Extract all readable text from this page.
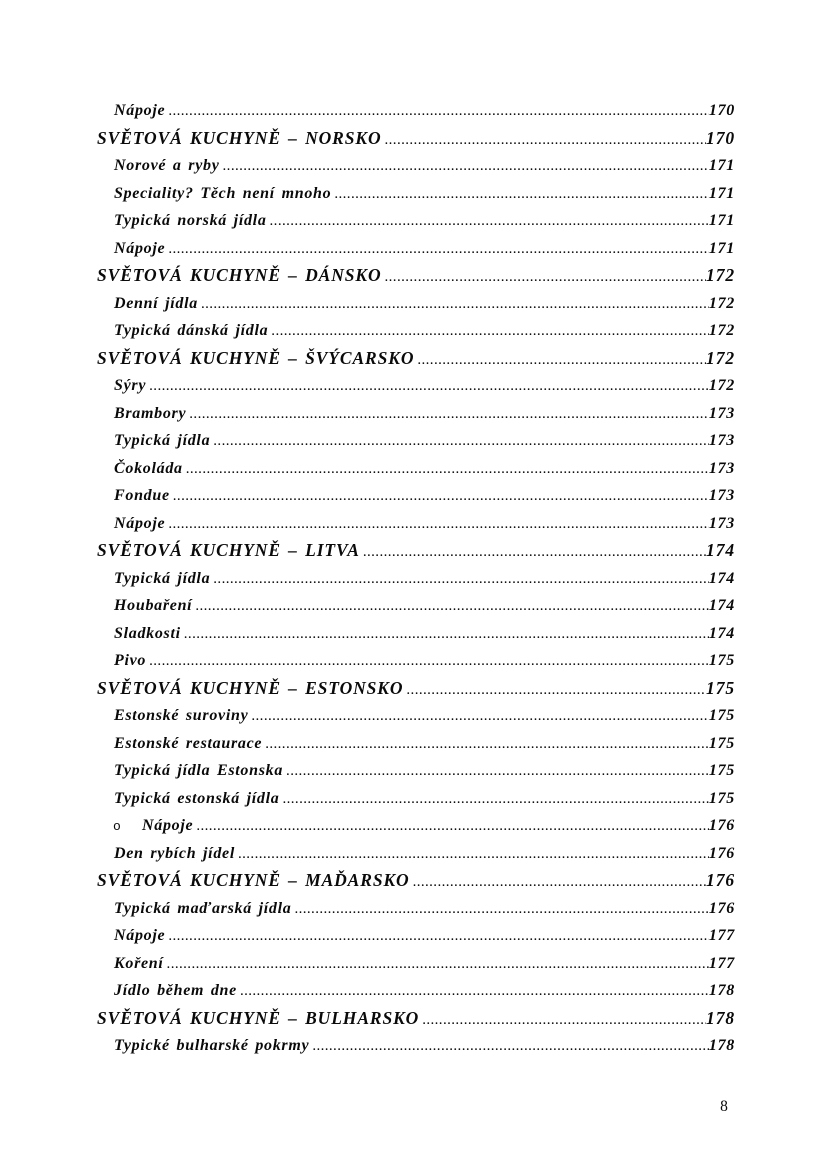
Nápoje .....	170
SVĚTOVÁ KUCHYNĚ – NORSKO .....	170
Norové a ryby .....	171
Speciality? Těch není mnoho .....	171
Typická norská jídla .....	171
Nápoje .....	171
SVĚTOVÁ KUCHYNĚ – DÁNSKO .....	172
Denní jídla .....	172
Typická dánská jídla .....	172
SVĚTOVÁ KUCHYNĚ – ŠVÝCARSKO .....	172
Sýry .....	172
Brambory .....	173
Typická jídla .....	173
Čokoláda .....	173
Fondue .....	173
Nápoje .....	173
SVĚTOVÁ KUCHYNĚ – LITVA .....	174
Typická jídla .....	174
Houbaření .....	174
Sladkosti .....	174
Pivo .....	175
SVĚTOVÁ KUCHYNĚ – ESTONSKO .....	175
Estonské suroviny .....	175
Estonské restaurace .....	175
Typická jídla Estonska .....	175
Typická estonská jídla .....	175
o	Nápoje .....	176
Den rybích jídel .....	176
SVĚTOVÁ KUCHYNĚ – MAĎARSKO .....	176
Typická maďarská jídla .....	176
Nápoje .....	177
Koření .....	177
Jídlo během dne .....	178
SVĚTOVÁ KUCHYNĚ – BULHARSKO .....	178
Typické bulharské pokrmy .....	178
8
